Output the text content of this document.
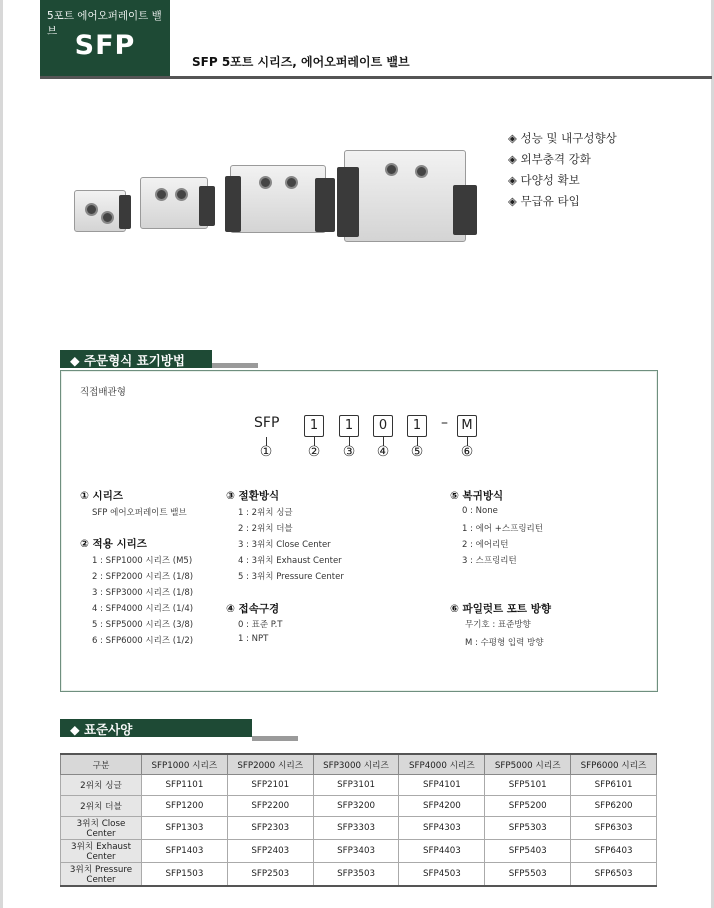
5포트 에어오퍼레이트 밸브 SFP
SFP 5포트 시리즈, 에어오퍼레이트 밸브
◈ 성능 및 내구성향상
◈ 외부충격 강화
◈ 다양성 확보
◈ 무급유 타입
◆ 주문형식 표기방법
직접배관형
SFP
①
1
②
1
③
0
④
1
⑤
–	M
⑥
① 시리즈
SFP 에어오퍼레이트 밸브
② 적용 시리즈
1 : SFP1000 시리즈 (M5)
2 : SFP2000 시리즈 (1/8)
3 : SFP3000 시리즈 (1/8)
4 : SFP4000 시리즈 (1/4)
5 : SFP5000 시리즈 (3/8)
6 : SFP6000 시리즈 (1/2)
③ 절환방식
1 : 2위치 싱글
2 : 2위치 더블
3 : 3위치 Close Center
4 : 3위치 Exhaust Center
5 : 3위치 Pressure Center
④ 접속구경
0 : 표준 P.T
1 : NPT
⑤ 복귀방식
0 : None
1 : 에어 +스프링리턴
2 : 에어리턴
3 : 스프링리턴
⑥ 파일럿트 포트 방향
무기호 : 표준방향
M : 수평형 입력 방향
◆ 표준사양
구분	SFP1000 시리즈	SFP2000 시리즈	SFP3000 시리즈	SFP4000 시리즈	SFP5000 시리즈	SFP6000 시리즈
2위치 싱글	SFP1101	SFP2101	SFP3101	SFP4101	SFP5101	SFP6101
2위치 더블	SFP1200	SFP2200	SFP3200	SFP4200	SFP5200	SFP6200
3위치 Close Center	SFP1303	SFP2303	SFP3303	SFP4303	SFP5303	SFP6303
3위치 Exhaust Center	SFP1403	SFP2403	SFP3403	SFP4403	SFP5403	SFP6403
3위치 Pressure Center	SFP1503	SFP2503	SFP3503	SFP4503	SFP5503	SFP6503
